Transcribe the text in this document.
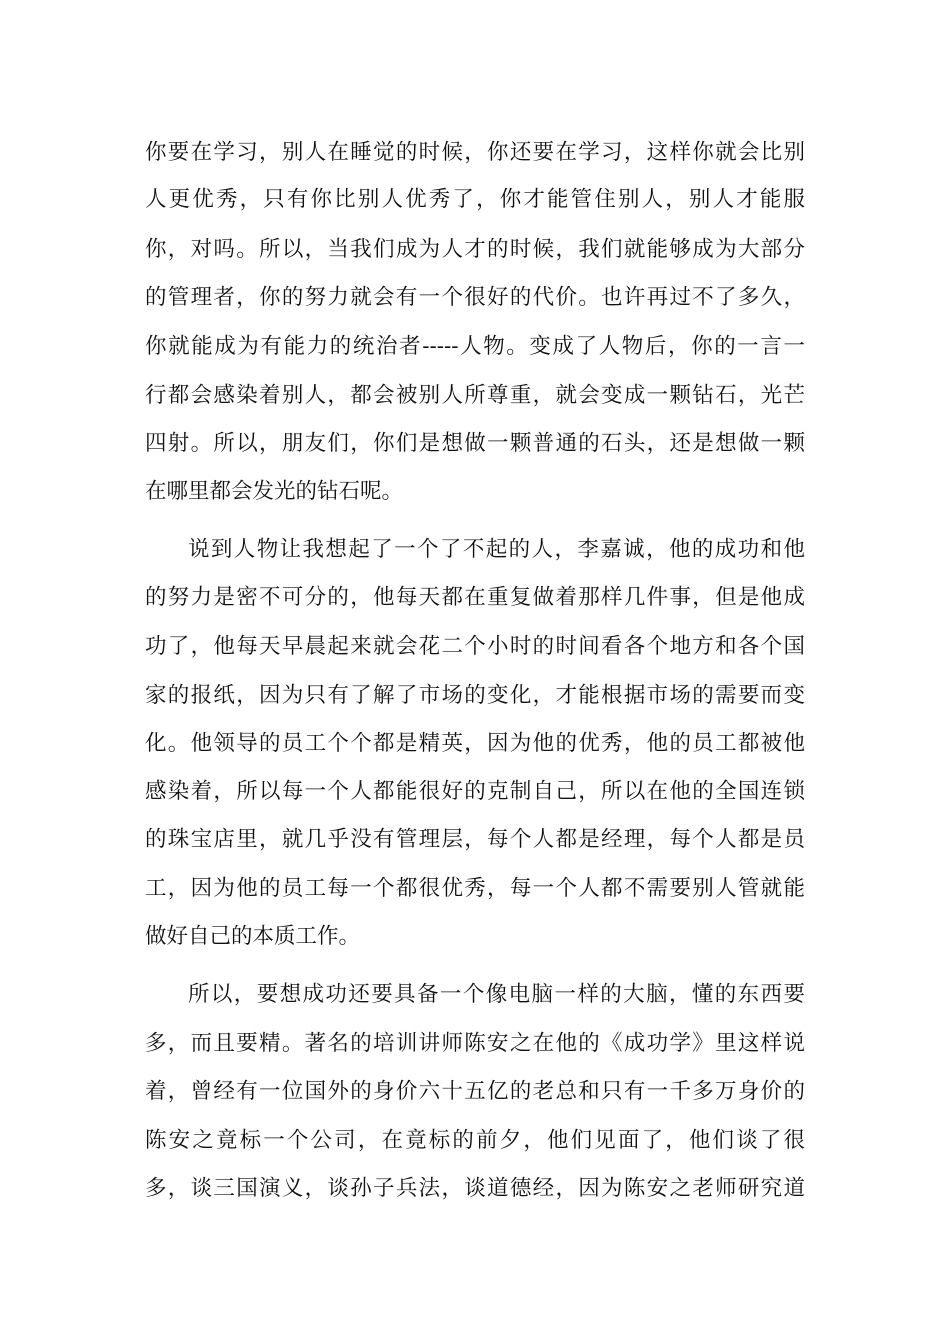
你要在学习，别人在睡觉的时候，你还要在学习，这样你就会比别
人更优秀，只有你比别人优秀了，你才能管住别人，别人才能服
你，对吗。所以，当我们成为人才的时候，我们就能够成为大部分
的管理者，你的努力就会有一个很好的代价。也许再过不了多久，
你就能成为有能力的统治者-----人物。变成了人物后，你的一言一
行都会感染着别人，都会被别人所尊重，就会变成一颗钻石，光芒
四射。所以，朋友们，你们是想做一颗普通的石头，还是想做一颗
在哪里都会发光的钻石呢。
说到人物让我想起了一个了不起的人，李嘉诚，他的成功和他
的努力是密不可分的，他每天都在重复做着那样几件事，但是他成
功了，他每天早晨起来就会花二个小时的时间看各个地方和各个国
家的报纸，因为只有了解了市场的变化，才能根据市场的需要而变
化。他领导的员工个个都是精英，因为他的优秀，他的员工都被他
感染着，所以每一个人都能很好的克制自己，所以在他的全国连锁
的珠宝店里，就几乎没有管理层，每个人都是经理，每个人都是员
工，因为他的员工每一个都很优秀，每一个人都不需要别人管就能
做好自己的本质工作。
所以，要想成功还要具备一个像电脑一样的大脑，懂的东西要
多，而且要精。著名的培训讲师陈安之在他的《成功学》里这样说
着，曾经有一位国外的身价六十五亿的老总和只有一千多万身价的
陈安之竟标一个公司，在竟标的前夕，他们见面了，他们谈了很
多，谈三国演义，谈孙子兵法，谈道德经，因为陈安之老师研究道
